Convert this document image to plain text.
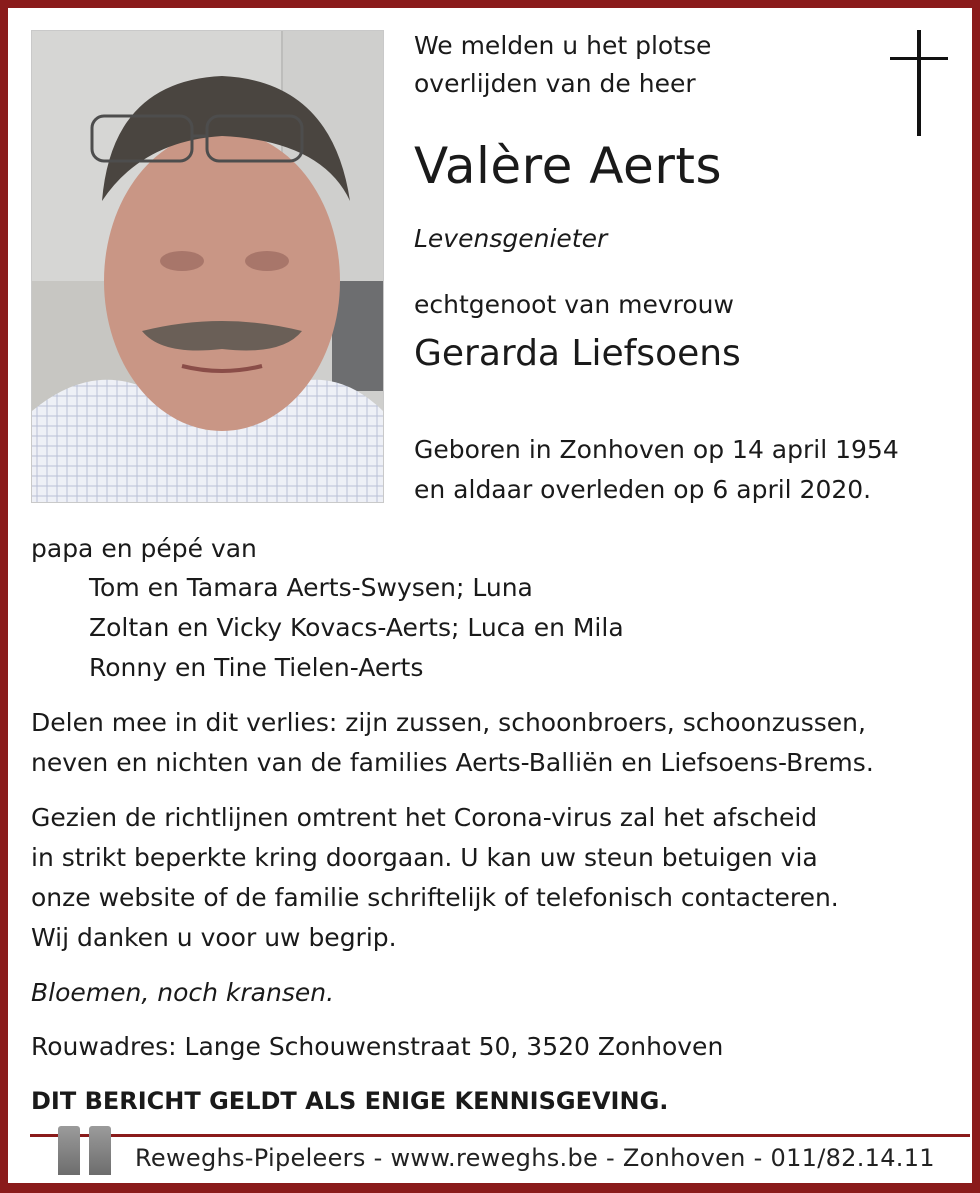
We melden u het plotse
overlijden van de heer
Valère Aerts
Levensgenieter
echtgenoot van mevrouw
Gerarda Liefsoens
Geboren in Zonhoven op 14 april 1954
en aldaar overleden op 6 april 2020.
papa en pépé van
Tom en Tamara Aerts-Swysen; Luna
Zoltan en Vicky Kovacs-Aerts; Luca en Mila
Ronny en Tine Tielen-Aerts
Delen mee in dit verlies: zijn zussen, schoonbroers, schoonzussen,
neven en nichten van de families Aerts-Balliën en Liefsoens-Brems.
Gezien de richtlijnen omtrent het Corona-virus zal het afscheid
in strikt beperkte kring doorgaan. U kan uw steun betuigen via
onze website of de familie schriftelijk of telefonisch contacteren.
Wij danken u voor uw begrip.
Bloemen, noch kransen.
Rouwadres: Lange Schouwenstraat 50, 3520 Zonhoven
DIT BERICHT GELDT ALS ENIGE KENNISGEVING.
Reweghs-Pipeleers - www.reweghs.be - Zonhoven - 011/82.14.11
